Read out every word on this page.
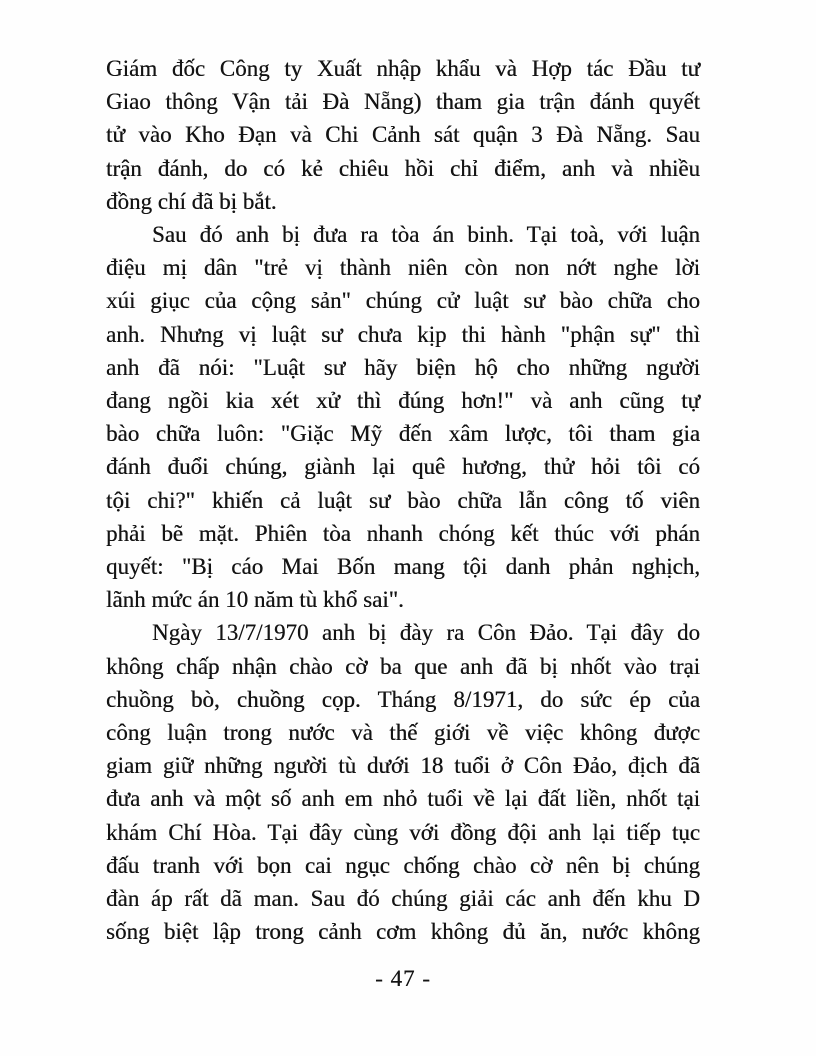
Giám đốc Công ty Xuất nhập khẩu và Hợp tác Đầu tư
Giao thông Vận tải Đà Nẵng) tham gia trận đánh quyết
tử vào Kho Đạn và Chi Cảnh sát quận 3 Đà Nẵng. Sau
trận đánh, do có kẻ chiêu hồi chỉ điểm, anh và nhiều
đồng chí đã bị bắt.
Sau đó anh bị đưa ra tòa án binh. Tại toà, với luận
điệu mị dân "trẻ vị thành niên còn non nớt nghe lời
xúi giục của cộng sản" chúng cử luật sư bào chữa cho
anh. Nhưng vị luật sư chưa kịp thi hành "phận sự" thì
anh đã nói: "Luật sư hãy biện hộ cho những người
đang ngồi kia xét xử thì đúng hơn!" và anh cũng tự
bào chữa luôn: "Giặc Mỹ đến xâm lược, tôi tham gia
đánh đuổi chúng, giành lại quê hương, thử hỏi tôi có
tội chi?" khiến cả luật sư bào chữa lẫn công tố viên
phải bẽ mặt. Phiên tòa nhanh chóng kết thúc với phán
quyết: "Bị cáo Mai Bốn mang tội danh phản nghịch,
lãnh mức án 10 năm tù khổ sai".
Ngày 13/7/1970 anh bị đày ra Côn Đảo. Tại đây do
không chấp nhận chào cờ ba que anh đã bị nhốt vào trại
chuồng bò, chuồng cọp. Tháng 8/1971, do sức ép của
công luận trong nước và thế giới về việc không được
giam giữ những người tù dưới 18 tuổi ở Côn Đảo, địch đã
đưa anh và một số anh em nhỏ tuổi về lại đất liền, nhốt tại
khám Chí Hòa. Tại đây cùng với đồng đội anh lại tiếp tục
đấu tranh với bọn cai ngục chống chào cờ nên bị chúng
đàn áp rất dã man. Sau đó chúng giải các anh đến khu D
sống biệt lập trong cảnh cơm không đủ ăn, nước không
- 47 -
